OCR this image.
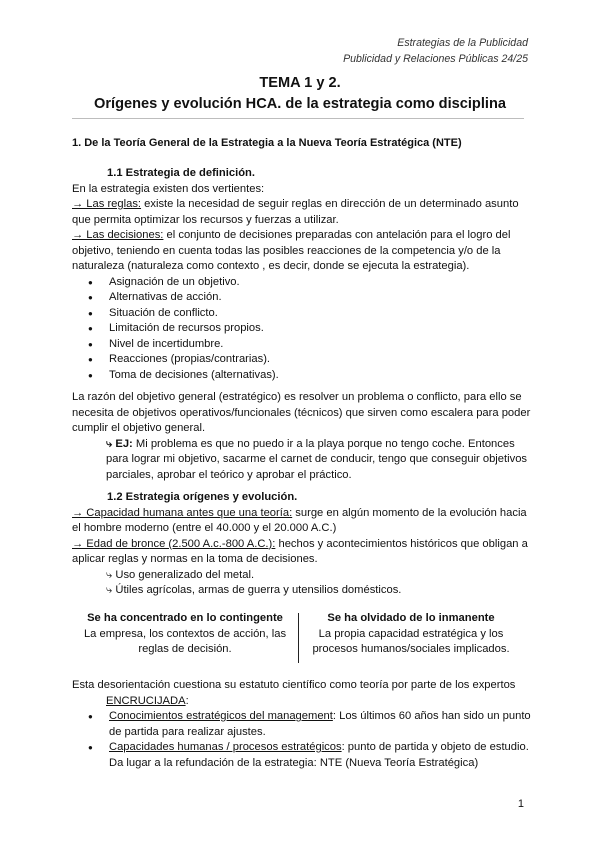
Estrategias de la Publicidad
Publicidad y Relaciones Públicas 24/25
TEMA 1 y 2.
Orígenes y evolución HCA. de la estrategia como disciplina
1. De la Teoría General de la Estrategia a la Nueva Teoría Estratégica (NTE)
1.1 Estrategia de definición.
En la estrategia existen dos vertientes:
→ Las reglas: existe la necesidad de seguir reglas en dirección de un determinado asunto que permita optimizar los recursos y fuerzas a utilizar.
→ Las decisiones: el conjunto de decisiones preparadas con antelación para el logro del objetivo, teniendo en cuenta todas las posibles reacciones de la competencia y/o de la naturaleza (naturaleza como contexto , es decir, donde se ejecuta la estrategia).
● Asignación de un objetivo.
● Alternativas de acción.
● Situación de conflicto.
● Limitación de recursos propios.
● Nivel de incertidumbre.
● Reacciones (propias/contrarias).
● Toma de decisiones (alternativas).
La razón del objetivo general (estratégico) es resolver un problema o conflicto, para ello se necesita de objetivos operativos/funcionales (técnicos) que sirven como escalera para poder cumplir el objetivo general.
⤷ EJ: Mi problema es que no puedo ir a la playa porque no tengo coche. Entonces para lograr mi objetivo, sacarme el carnet de conducir, tengo que conseguir objetivos parciales, aprobar el teórico y aprobar el práctico.
1.2 Estrategia orígenes y evolución.
→ Capacidad humana antes que una teoría: surge en algún momento de la evolución hacia el hombre moderno (entre el 40.000 y el 20.000 A.C.)
→ Edad de bronce (2.500 A.c.-800 A.C.): hechos y acontecimientos históricos que obligan a aplicar reglas y normas en la toma de decisiones.
⤷ Uso generalizado del metal.
⤷ Útiles agrícolas, armas de guerra y utensilios domésticos.
Se ha concentrado en lo contingente
La empresa, los contextos de acción, las reglas de decisión.
Se ha olvidado de lo inmanente
La propia capacidad estratégica y los procesos humanos/sociales implicados.
Esta desorientación cuestiona su estatuto científico como teoría por parte de los expertos
ENCRUCIJADA:
● Conocimientos estratégicos del management: Los últimos 60 años han sido un punto de partida para realizar ajustes.
● Capacidades humanas / procesos estratégicos: punto de partida y objeto de estudio. Da lugar a la refundación de la estrategia: NTE (Nueva Teoría Estratégica)
1
